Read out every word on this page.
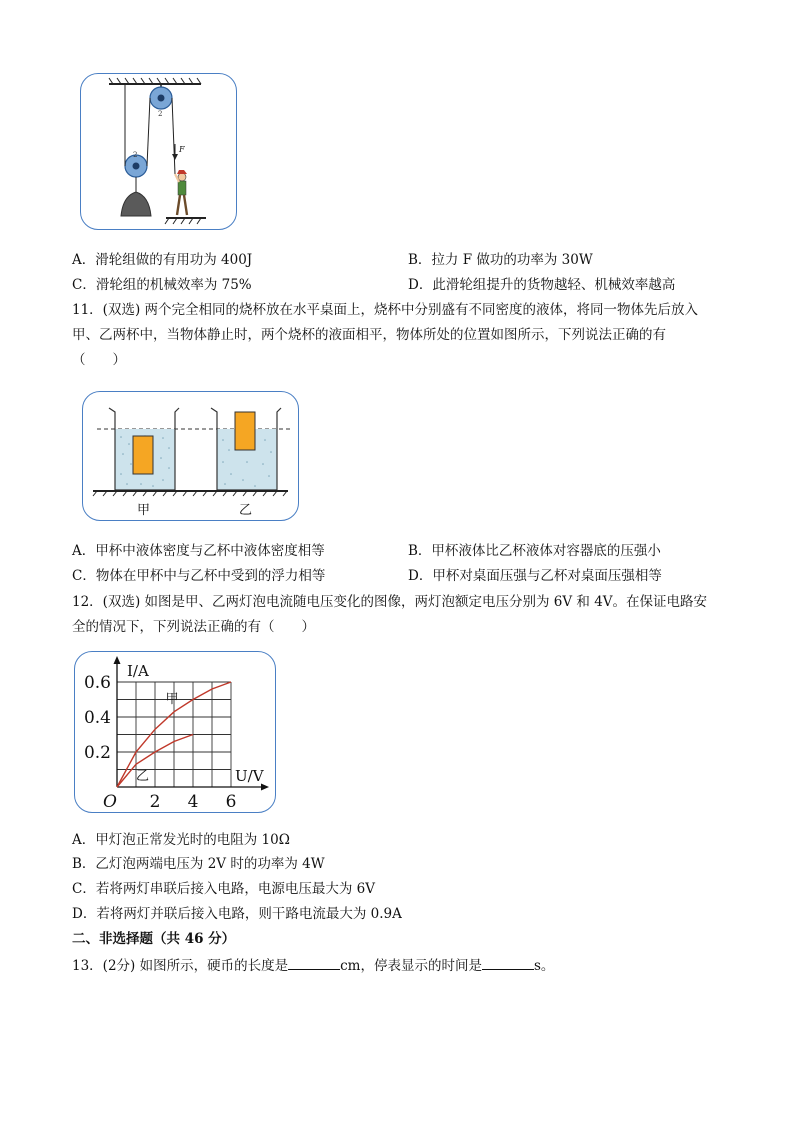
2
2
F
A．滑轮组做的有用功为 400J	B．拉力 F 做功的功率为 30W
C．滑轮组的机械效率为 75%	D．此滑轮组提升的货物越轻、机械效率越高
11．(双选) 两个完全相同的烧杯放在水平桌面上，烧杯中分别盛有不同密度的液体，将同一物体先后放入
甲、乙两杯中，当物体静止时，两个烧杯的液面相平，物体所处的位置如图所示，下列说法正确的有
（　　）
甲	乙
A．甲杯中液体密度与乙杯中液体密度相等	B．甲杯液体比乙杯液体对容器底的压强小
C．物体在甲杯中与乙杯中受到的浮力相等	D．甲杯对桌面压强与乙杯对桌面压强相等
12．(双选) 如图是甲、乙两灯泡电流随电压变化的图像，两灯泡额定电压分别为 6V 和 4V。在保证电路安
全的情况下，下列说法正确的有（　　）
甲
乙
2 4 6
0.2
0.4
0.6
O
I/A
U/V
A．甲灯泡正常发光时的电阻为 10Ω
B．乙灯泡两端电压为 2V 时的功率为 4W
C．若将两灯串联后接入电路，电源电压最大为 6V
D．若将两灯并联后接入电路，则干路电流最大为 0.9A
二、非选择题（共 46 分）
13．(2分) 如图所示，硬币的长度是	cm，停表显示的时间是	s。
